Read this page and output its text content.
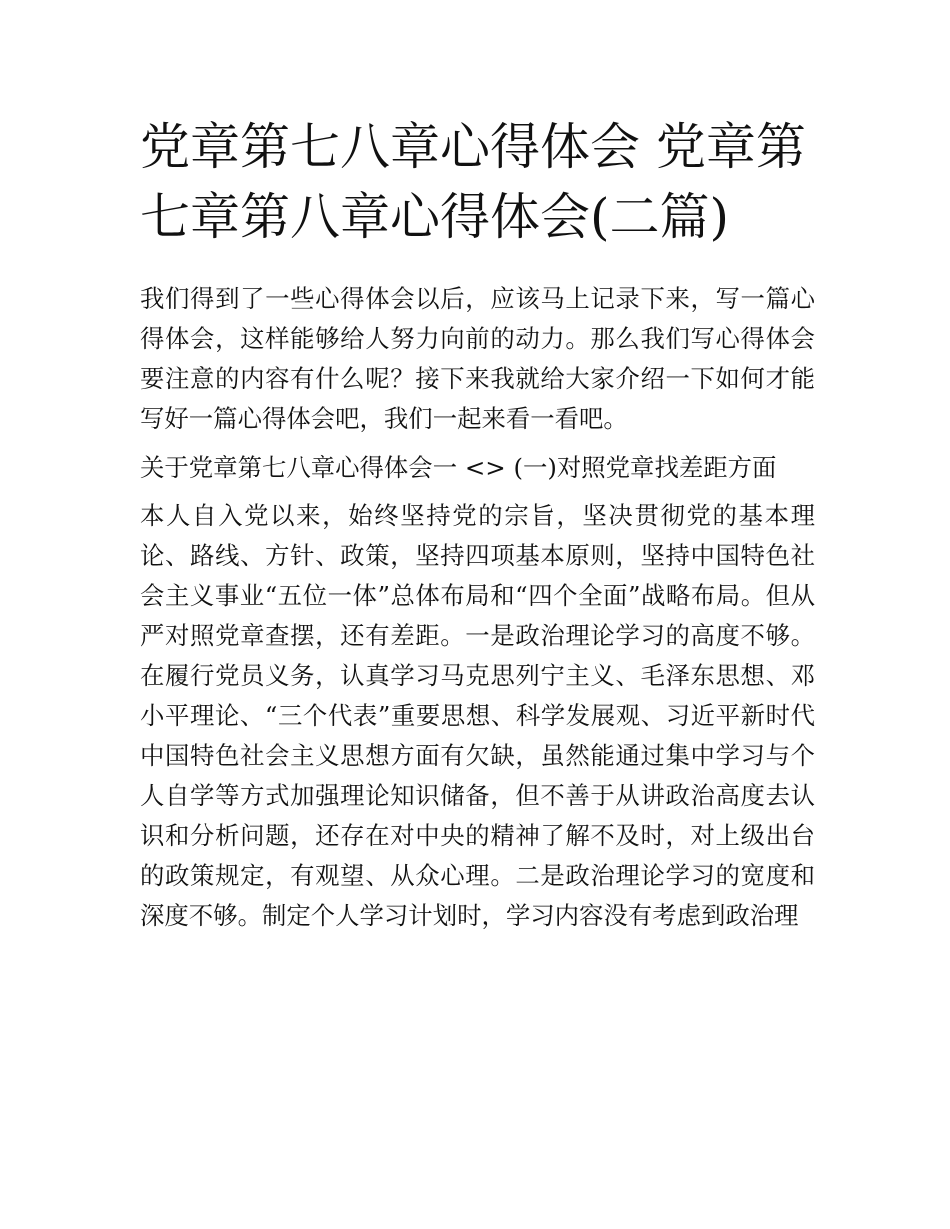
党章第七八章心得体会 党章第七章第八章心得体会(二篇)

我们得到了一些心得体会以后，应该马上记录下来，写一篇心得体会，这样能够给人努力向前的动力。那么我们写心得体会要注意的内容有什么呢？接下来我就给大家介绍一下如何才能写好一篇心得体会吧，我们一起来看一看吧。

关于党章第七八章心得体会一 <> (一)对照党章找差距方面

本人自入党以来，始终坚持党的宗旨，坚决贯彻党的基本理论、路线、方针、政策，坚持四项基本原则，坚持中国特色社会主义事业“五位一体”总体布局和“四个全面”战略布局。但从严对照党章查摆，还有差距。一是政治理论学习的高度不够。在履行党员义务，认真学习马克思列宁主义、毛泽东思想、邓小平理论、“三个代表”重要思想、科学发展观、习近平新时代中国特色社会主义思想方面有欠缺，虽然能通过集中学习与个人自学等方式加强理论知识储备，但不善于从讲政治高度去认识和分析问题，还存在对中央的精神了解不及时，对上级出台的政策规定，有观望、从众心理。二是政治理论学习的宽度和深度不够。制定个人学习计划时，学习内容没有考虑到政治理
